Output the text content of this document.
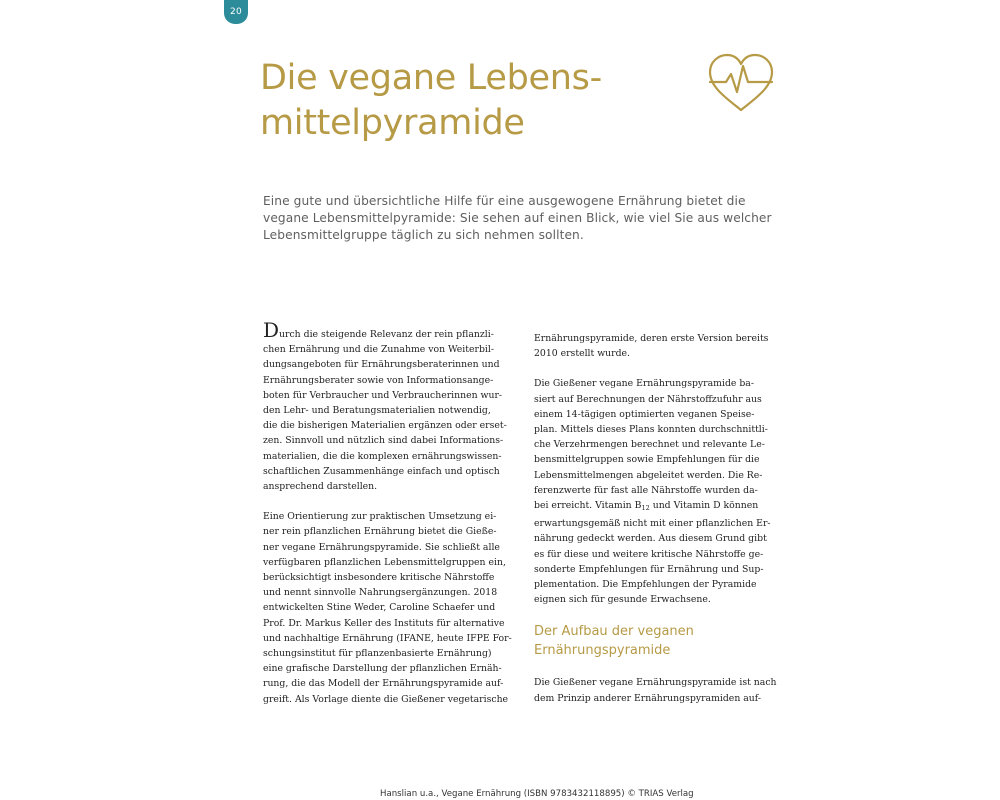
20
Die vegane Lebens-
mittelpyramide
Eine gute und übersichtliche Hilfe für eine ausgewogene Ernährung bietet die
vegane Lebensmittelpyramide: Sie sehen auf einen Blick, wie viel Sie aus welcher
Lebensmittelgruppe täglich zu sich nehmen sollten.

Durch die steigende Relevanz der rein pflanzli-
chen Ernährung und die Zunahme von Weiterbil-
dungsangeboten für Ernährungsberaterinnen und
Ernährungsberater sowie von Informationsange-
boten für Verbraucher und Verbraucherinnen wur-
den Lehr- und Beratungsmaterialien notwendig,
die die bisherigen Materialien ergänzen oder erset-
zen. Sinnvoll und nützlich sind dabei Informations-
materialien, die die komplexen ernährungswissen-
schaftlichen Zusammenhänge einfach und optisch
ansprechend darstellen.

Eine Orientierung zur praktischen Umsetzung ei-
ner rein pflanzlichen Ernährung bietet die Gieße-
ner vegane Ernährungspyramide. Sie schließt alle
verfügbaren pflanzlichen Lebensmittelgruppen ein,
berücksichtigt insbesondere kritische Nährstoffe
und nennt sinnvolle Nahrungsergänzungen. 2018
entwickelten Stine Weder, Caroline Schaefer und
Prof. Dr. Markus Keller des Instituts für alternative
und nachhaltige Ernährung (IFANE, heute IFPE For-
schungsinstitut für pflanzenbasierte Ernährung)
eine grafische Darstellung der pflanzlichen Ernäh-
rung, die das Modell der Ernährungspyramide auf-
greift. Als Vorlage diente die Gießener vegetarische

Ernährungspyramide, deren erste Version bereits
2010 erstellt wurde.

Die Gießener vegane Ernährungspyramide ba-
siert auf Berechnungen der Nährstoffzufuhr aus
einem 14-tägigen optimierten veganen Speise-
plan. Mittels dieses Plans konnten durchschnittli-
che Verzehrmengen berechnet und relevante Le-
bensmittelgruppen sowie Empfehlungen für die
Lebensmittelmengen abgeleitet werden. Die Re-
ferenzwerte für fast alle Nährstoffe wurden da-
bei erreicht. Vitamin $B_{12}$ und Vitamin D können
erwartungsgemäß nicht mit einer pflanzlichen Er-
nährung gedeckt werden. Aus diesem Grund gibt
es für diese und weitere kritische Nährstoffe ge-
sonderte Empfehlungen für Ernährung und Sup-
plementation. Die Empfehlungen der Pyramide
eignen sich für gesunde Erwachsene.

Der Aufbau der veganen
Ernährungspyramide

Die Gießener vegane Ernährungspyramide ist nach
dem Prinzip anderer Ernährungspyramiden auf-

Hanslian u.a., Vegane Ernährung (ISBN 9783432118895) © TRIAS Verlag
